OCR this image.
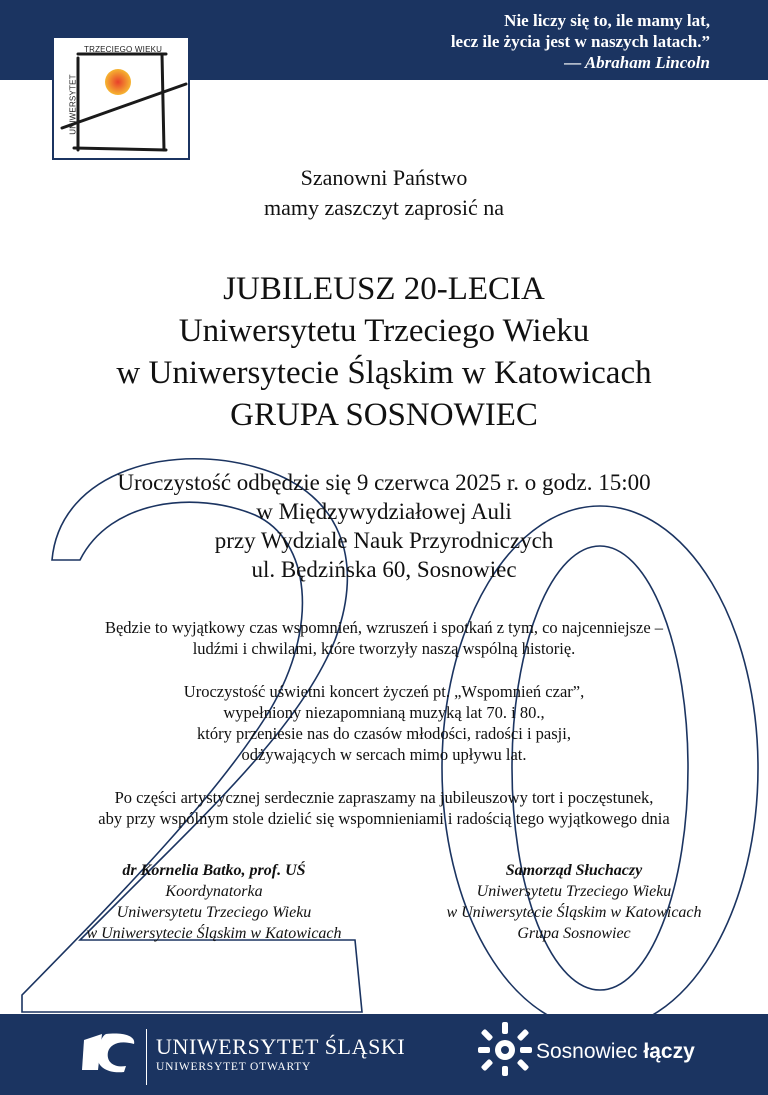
Nie liczy się to, ile mamy lat,
lecz ile życia jest w naszych latach.”
— Abraham Lincoln
TRZECIEGO WIEKU
UNIWERSYTET
Szanowni Państwo
mamy zaszczyt zaprosić na
JUBILEUSZ 20-LECIA
Uniwersytetu Trzeciego Wieku
w Uniwersytecie Śląskim w Katowicach
GRUPA SOSNOWIEC
Uroczystość odbędzie się 9 czerwca 2025 r. o godz. 15:00
w Międzywydziałowej Auli
przy Wydziale Nauk Przyrodniczych
ul. Będzińska 60, Sosnowiec
Będzie to wyjątkowy czas wspomnień, wzruszeń i spotkań z tym, co najcenniejsze –
ludźmi i chwilami, które tworzyły naszą wspólną historię.
Uroczystość uświetni koncert życzeń pt. „Wspomnień czar”,
wypełniony niezapomnianą muzyką lat 70. i 80.,
który przeniesie nas do czasów młodości, radości i pasji,
odżywających w sercach mimo upływu lat.
Po części artystycznej serdecznie zapraszamy na jubileuszowy tort i poczęstunek,
aby przy wspólnym stole dzielić się wspomnieniami i radością tego wyjątkowego dnia
dr Kornelia Batko, prof. UŚ
Koordynatorka
Uniwersytetu Trzeciego Wieku
w Uniwersytecie Śląskim w Katowicach
Samorząd Słuchaczy
Uniwersytetu Trzeciego Wieku
w Uniwersytecie Śląskim w Katowicach
Grupa Sosnowiec
UNIWERSYTET ŚLĄSKI
UNIWERSYTET OTWARTY
Sosnowiec łączy
